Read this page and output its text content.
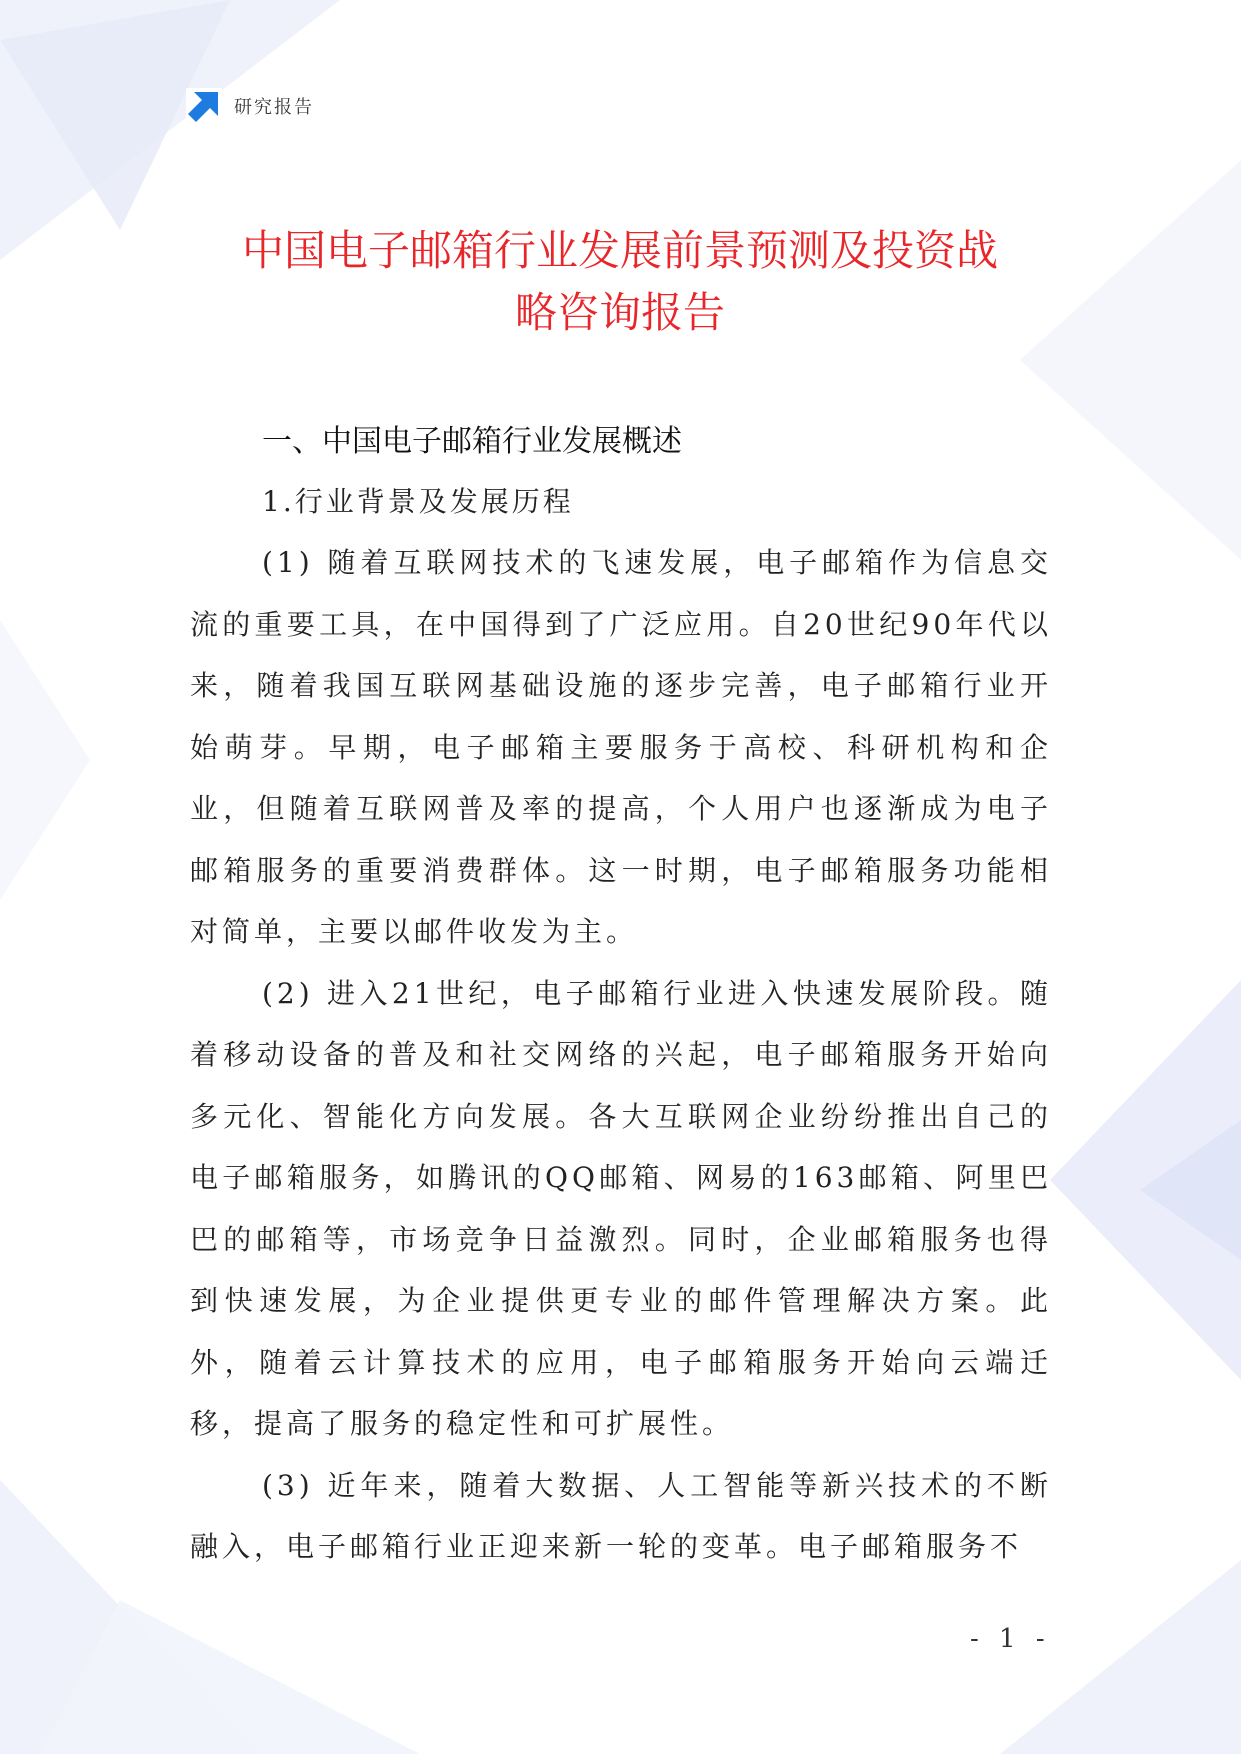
研究报告
中国电子邮箱行业发展前景预测及投资战
略咨询报告
一、中国电子邮箱行业发展概述
1.行业背景及发展历程

(1) 随着互联网技术的飞速发展，电子邮箱作为信息交流的重要工具，在中国得到了广泛应用。自20世纪90年代以来，随着我国互联网基础设施的逐步完善，电子邮箱行业开始萌芽。早期，电子邮箱主要服务于高校、科研机构和企业，但随着互联网普及率的提高，个人用户也逐渐成为电子邮箱服务的重要消费群体。这一时期，电子邮箱服务功能相对简单，主要以邮件收发为主。

(2) 进入21世纪，电子邮箱行业进入快速发展阶段。随着移动设备的普及和社交网络的兴起，电子邮箱服务开始向多元化、智能化方向发展。各大互联网企业纷纷推出自己的电子邮箱服务，如腾讯的QQ邮箱、网易的163邮箱、阿里巴巴的邮箱等，市场竞争日益激烈。同时，企业邮箱服务也得到快速发展，为企业提供更专业的邮件管理解决方案。此外，随着云计算技术的应用，电子邮箱服务开始向云端迁移，提高了服务的稳定性和可扩展性。

(3) 近年来，随着大数据、人工智能等新兴技术的不断融入，电子邮箱行业正迎来新一轮的变革。电子邮箱服务不

- 1 -
